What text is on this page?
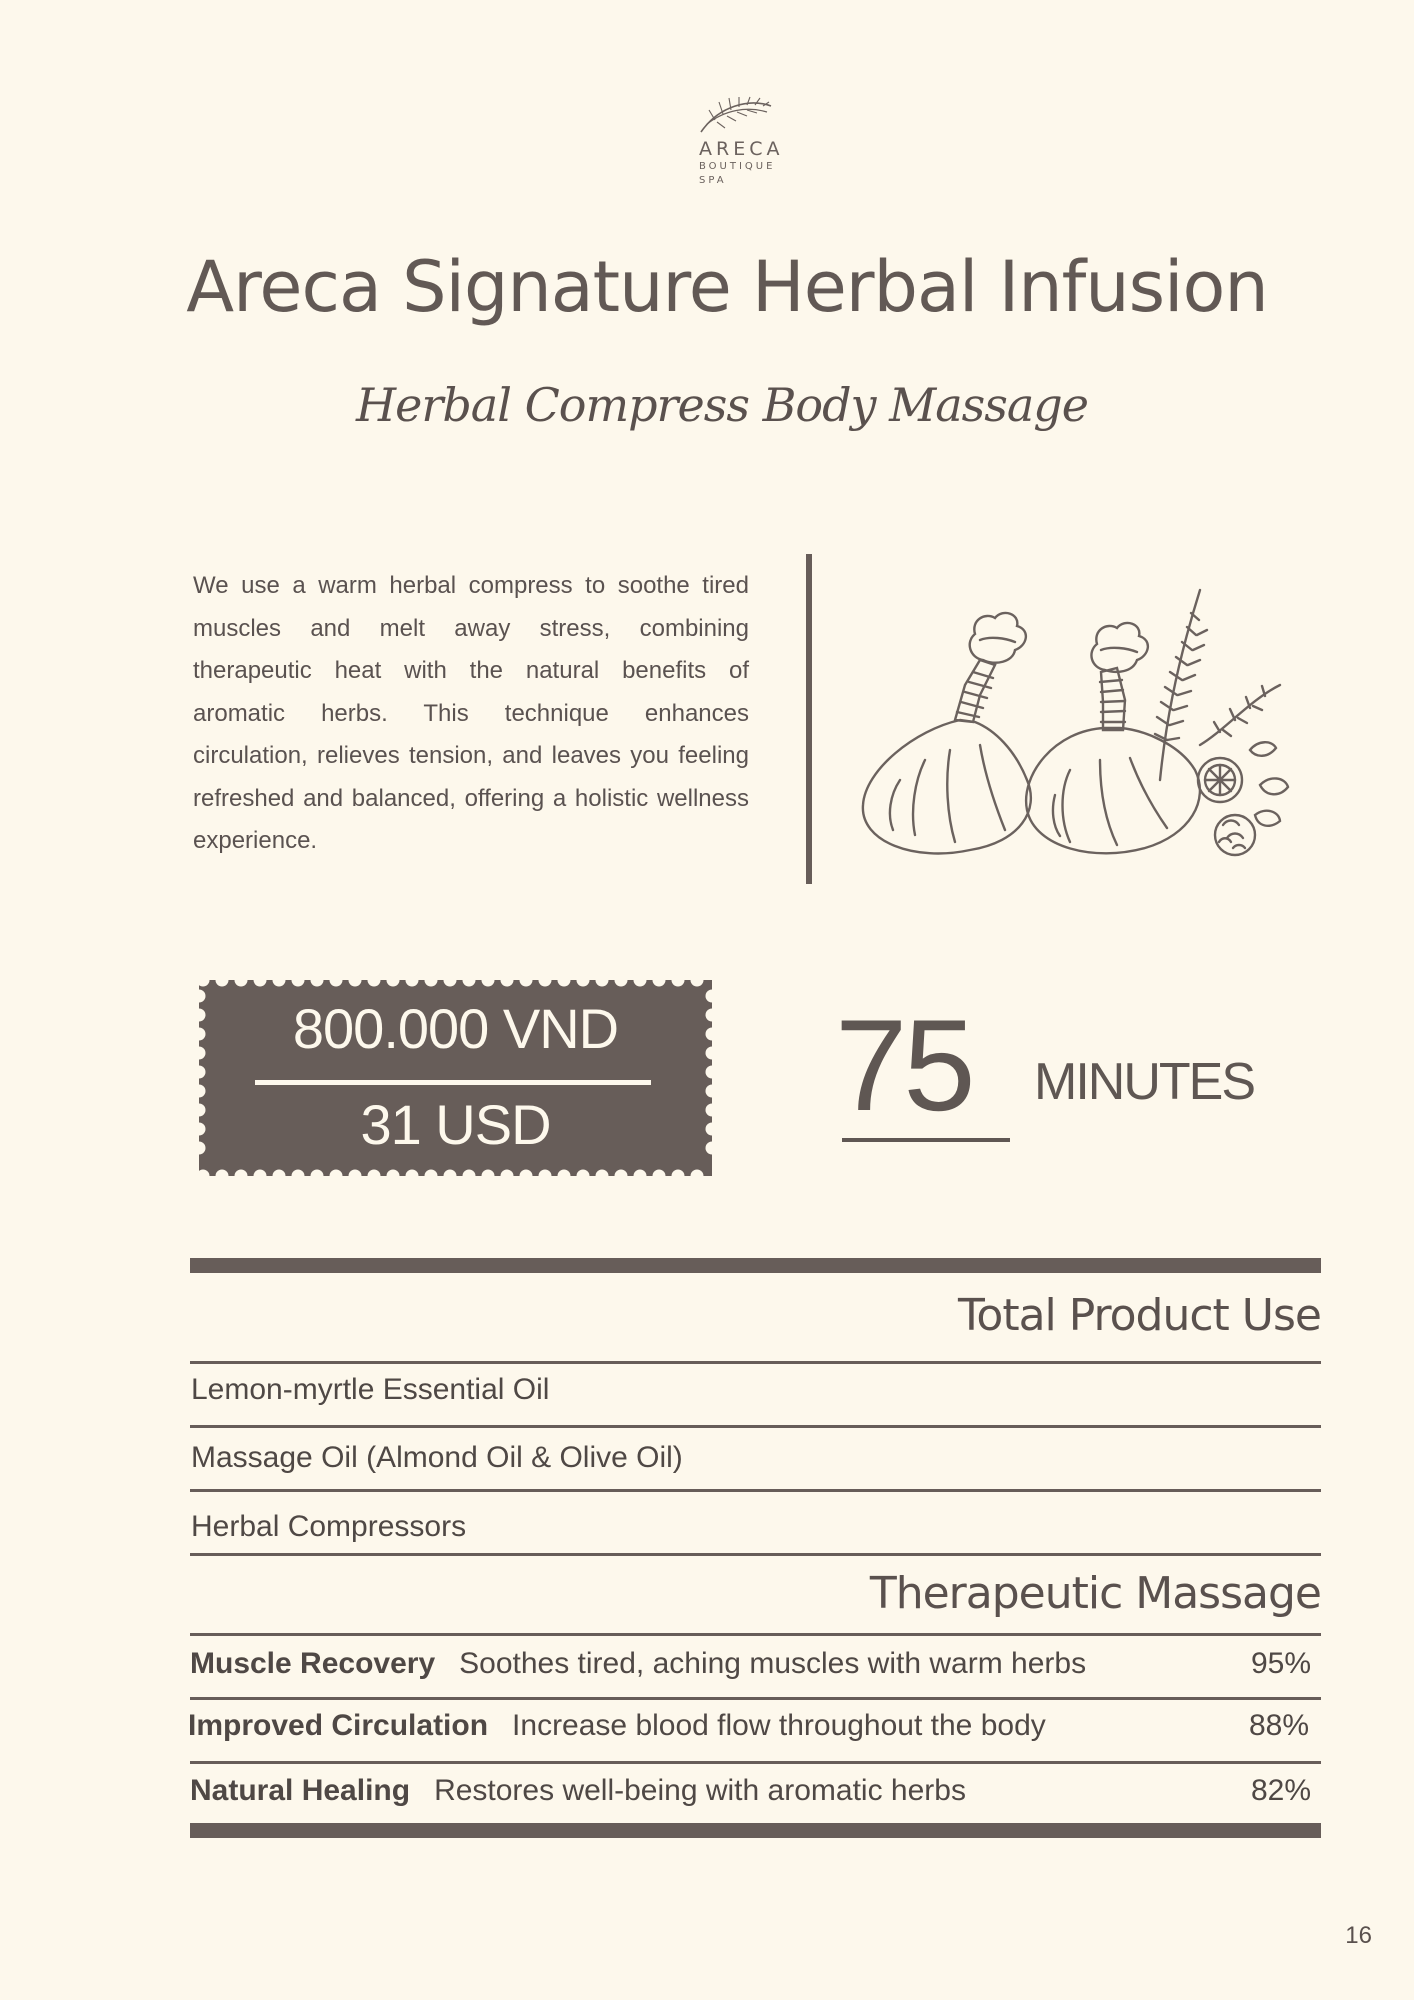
ARECA
BOUTIQUE
SPA
Areca Signature Herbal Infusion
Herbal Compress Body Massage
We use a warm herbal compress to soothe tired muscles and melt away stress, combining therapeutic heat with the natural benefits of aromatic herbs. This technique enhances circulation, relieves tension, and leaves you feeling refreshed and balanced, offering a holistic wellness experience.
800.000 VND
31 USD	75 MINUTES
Total Product Use
Lemon-myrtle Essential Oil
Massage Oil (Almond Oil & Olive Oil)
Herbal Compressors
Therapeutic Massage
Muscle Recovery Soothes tired, aching muscles with warm herbs	95%
Improved Circulation Increase blood flow throughout the body	88%
Natural Healing Restores well-being with aromatic herbs	82%
16
